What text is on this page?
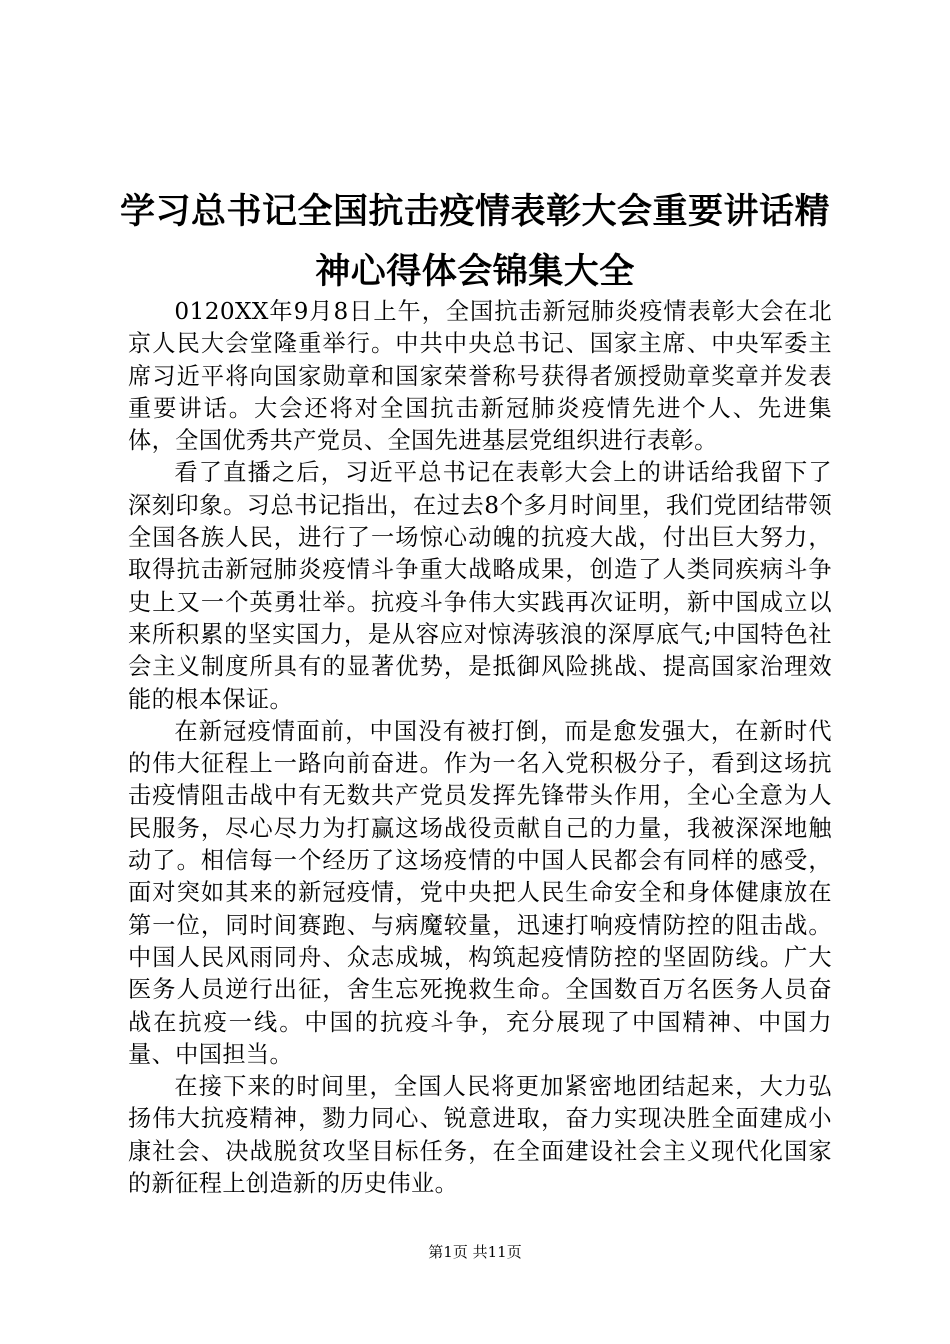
学习总书记全国抗击疫情表彰大会重要讲话精神心得体会锦集大全

0120XX年9月8日上午，全国抗击新冠肺炎疫情表彰大会在北京人民大会堂隆重举行。中共中央总书记、国家主席、中央军委主席习近平将向国家勋章和国家荣誉称号获得者颁授勋章奖章并发表重要讲话。大会还将对全国抗击新冠肺炎疫情先进个人、先进集体，全国优秀共产党员、全国先进基层党组织进行表彰。

看了直播之后，习近平总书记在表彰大会上的讲话给我留下了深刻印象。习总书记指出，在过去8个多月时间里，我们党团结带领全国各族人民，进行了一场惊心动魄的抗疫大战，付出巨大努力，取得抗击新冠肺炎疫情斗争重大战略成果，创造了人类同疾病斗争史上又一个英勇壮举。抗疫斗争伟大实践再次证明，新中国成立以来所积累的坚实国力，是从容应对惊涛骇浪的深厚底气;中国特色社会主义制度所具有的显著优势，是抵御风险挑战、提高国家治理效能的根本保证。

在新冠疫情面前，中国没有被打倒，而是愈发强大，在新时代的伟大征程上一路向前奋进。作为一名入党积极分子，看到这场抗击疫情阻击战中有无数共产党员发挥先锋带头作用，全心全意为人民服务，尽心尽力为打赢这场战役贡献自己的力量，我被深深地触动了。相信每一个经历了这场疫情的中国人民都会有同样的感受，面对突如其来的新冠疫情，党中央把人民生命安全和身体健康放在第一位，同时间赛跑、与病魔较量，迅速打响疫情防控的阻击战。中国人民风雨同舟、众志成城，构筑起疫情防控的坚固防线。广大医务人员逆行出征，舍生忘死挽救生命。全国数百万名医务人员奋战在抗疫一线。中国的抗疫斗争，充分展现了中国精神、中国力量、中国担当。

在接下来的时间里，全国人民将更加紧密地团结起来，大力弘扬伟大抗疫精神，勠力同心、锐意进取，奋力实现决胜全面建成小康社会、决战脱贫攻坚目标任务，在全面建设社会主义现代化国家的新征程上创造新的历史伟业。

第1页 共11页
